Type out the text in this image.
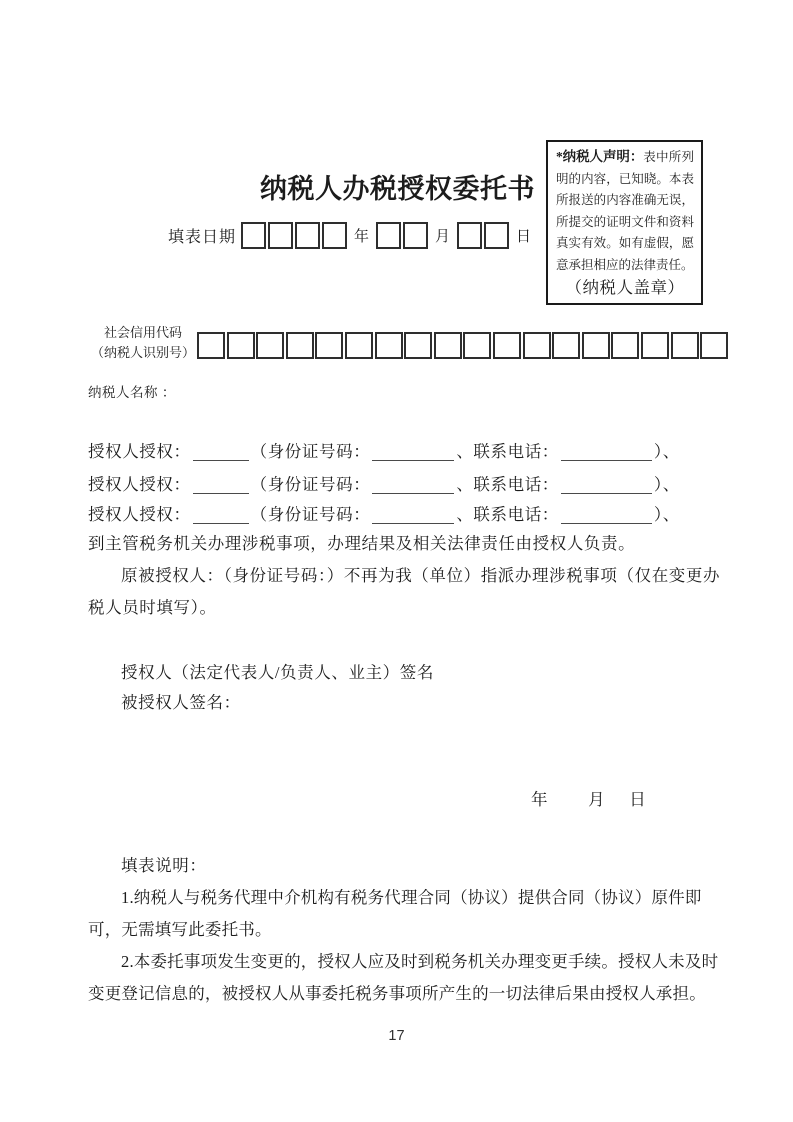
纳税人办税授权委托书
*纳税人声明：表中所列明的内容，已知晓。本表所报送的内容准确无误，所提交的证明文件和资料真实有效。如有虚假，愿意承担相应的法律责任。
（纳税人盖章）
填表日期	年	月	日
社会信用代码
（纳税人识别号）
纳税人名称 ：
授权人授权：	（身份证号码：	、联系电话：	）、
授权人授权：	（身份证号码：	、联系电话：	）、
授权人授权：	（身份证号码：	、联系电话：	）、
到主管税务机关办理涉税事项，办理结果及相关法律责任由授权人负责。
原被授权人：（身份证号码：）不再为我（单位）指派办理涉税事项（仅在变更办税人员时填写）。
授权人（法定代表人/负责人、业主）签名
被授权人签名：
年 月 日
填表说明：

1.纳税人与税务代理中介机构有税务代理合同（协议）提供合同（协议）原件即可，无需填写此委托书。

2.本委托事项发生变更的，授权人应及时到税务机关办理变更手续。授权人未及时变更登记信息的，被授权人从事委托税务事项所产生的一切法律后果由授权人承担。

17
